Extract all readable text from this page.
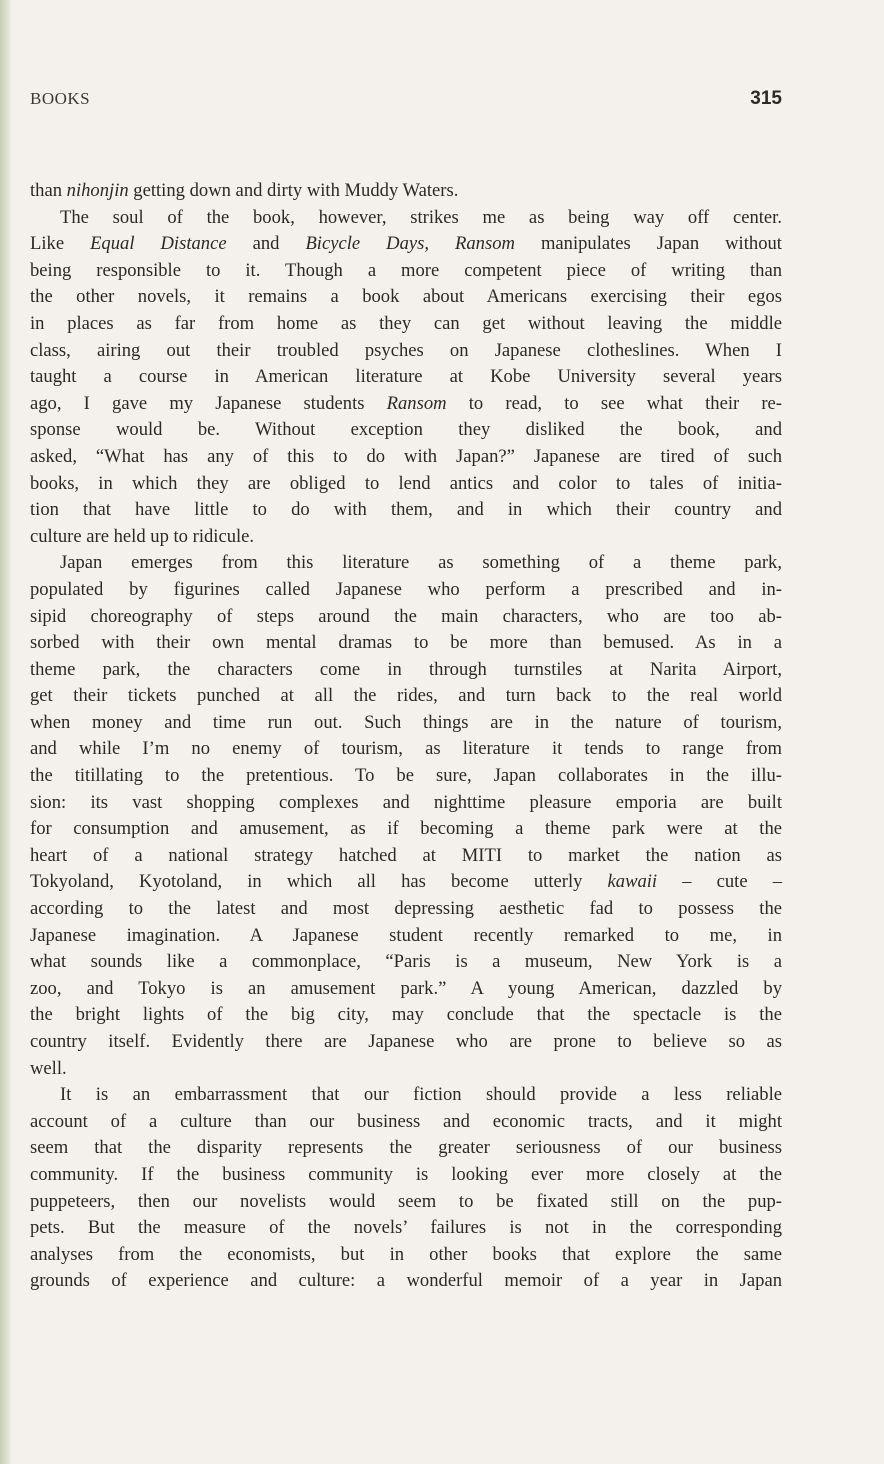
BOOKS	315
than nihonjin getting down and dirty with Muddy Waters.
The soul of the book, however, strikes me as being way off center.
Like Equal Distance and Bicycle Days, Ransom manipulates Japan without
being responsible to it. Though a more competent piece of writing than
the other novels, it remains a book about Americans exercising their egos
in places as far from home as they can get without leaving the middle
class, airing out their troubled psyches on Japanese clotheslines. When I
taught a course in American literature at Kobe University several years
ago, I gave my Japanese students Ransom to read, to see what their re-
sponse would be. Without exception they disliked the book, and
asked, “What has any of this to do with Japan?” Japanese are tired of such
books, in which they are obliged to lend antics and color to tales of initia-
tion that have little to do with them, and in which their country and
culture are held up to ridicule.
Japan emerges from this literature as something of a theme park,
populated by figurines called Japanese who perform a prescribed and in-
sipid choreography of steps around the main characters, who are too ab-
sorbed with their own mental dramas to be more than bemused. As in a
theme park, the characters come in through turnstiles at Narita Airport,
get their tickets punched at all the rides, and turn back to the real world
when money and time run out. Such things are in the nature of tourism,
and while I’m no enemy of tourism, as literature it tends to range from
the titillating to the pretentious. To be sure, Japan collaborates in the illu-
sion: its vast shopping complexes and nighttime pleasure emporia are built
for consumption and amusement, as if becoming a theme park were at the
heart of a national strategy hatched at MITI to market the nation as
Tokyoland, Kyotoland, in which all has become utterly kawaii – cute –
according to the latest and most depressing aesthetic fad to possess the
Japanese imagination. A Japanese student recently remarked to me, in
what sounds like a commonplace, “Paris is a museum, New York is a
zoo, and Tokyo is an amusement park.” A young American, dazzled by
the bright lights of the big city, may conclude that the spectacle is the
country itself. Evidently there are Japanese who are prone to believe so as
well.
It is an embarrassment that our fiction should provide a less reliable
account of a culture than our business and economic tracts, and it might
seem that the disparity represents the greater seriousness of our business
community. If the business community is looking ever more closely at the
puppeteers, then our novelists would seem to be fixated still on the pup-
pets. But the measure of the novels’ failures is not in the corresponding
analyses from the economists, but in other books that explore the same
grounds of experience and culture: a wonderful memoir of a year in Japan
